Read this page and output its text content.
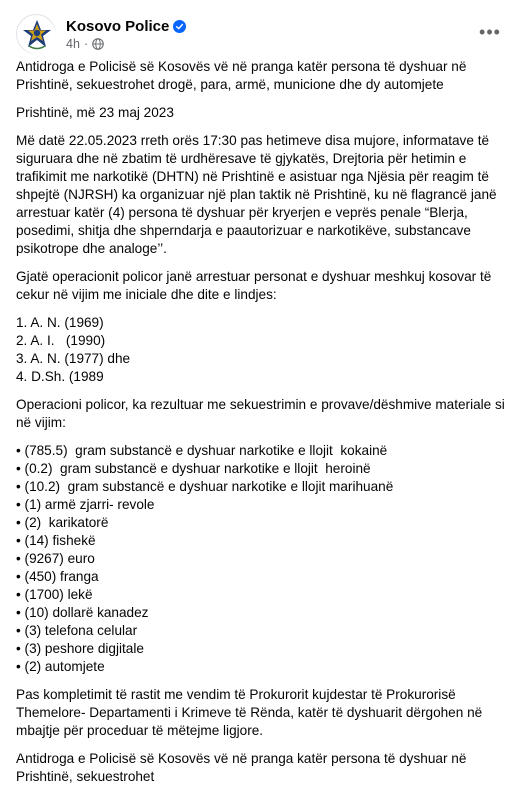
Kosovo Police
4h ·
•••

Antidroga e Policisë së Kosovës vë në pranga katër persona të dyshuar në Prishtinë, sekuestrohet drogë, para, armë, municione dhe dy automjete

Prishtinë, më 23 maj 2023

Më datë 22.05.2023 rreth orës 17:30 pas hetimeve disa mujore, informatave të siguruara dhe në zbatim të urdhëresave të gjykatës, Drejtoria për hetimin e trafikimit me narkotikë (DHTN) në Prishtinë e asistuar nga Njësia për reagim të shpejtë (NJRSH) ka organizuar një plan taktik në Prishtinë, ku në flagrancë janë arrestuar katër (4) persona të dyshuar për kryerjen e veprës penale “Blerja, posedimi, shitja dhe shperndarja e paautorizuar e narkotikëve, substancave psikotrope dhe analoge’’.

Gjatë operacionit policor janë arrestuar personat e dyshuar meshkuj kosovar të cekur në vijim me iniciale dhe dite e lindjes:

1. A. N. (1969)
2. A. I.   (1990)
3. A. N. (1977) dhe
4. D.Sh. (1989

Operacioni policor, ka rezultuar me sekuestrimin e provave/dëshmive materiale si në vijim:

• (785.5)  gram substancë e dyshuar narkotike e llojit  kokainë
• (0.2)  gram substancë e dyshuar narkotike e llojit  heroinë
• (10.2)  gram substancë e dyshuar narkotike e llojit marihuanë
• (1) armë zjarri- revole
• (2)  karikatorë
• (14) fishekë
• (9267) euro
• (450) franga
• (1700) lekë
• (10) dollarë kanadez
• (3) telefona celular
• (3) peshore digjitale
• (2) automjete

Pas kompletimit të rastit me vendim të Prokurorit kujdestar të Prokurorisë Themelore- Departamenti i Krimeve të Rënda, katër të dyshuarit dërgohen në mbajtje për proceduar të mëtejme ligjore.

Antidroga e Policisë së Kosovës vë në pranga katër persona të dyshuar në Prishtinë, sekuestrohet
